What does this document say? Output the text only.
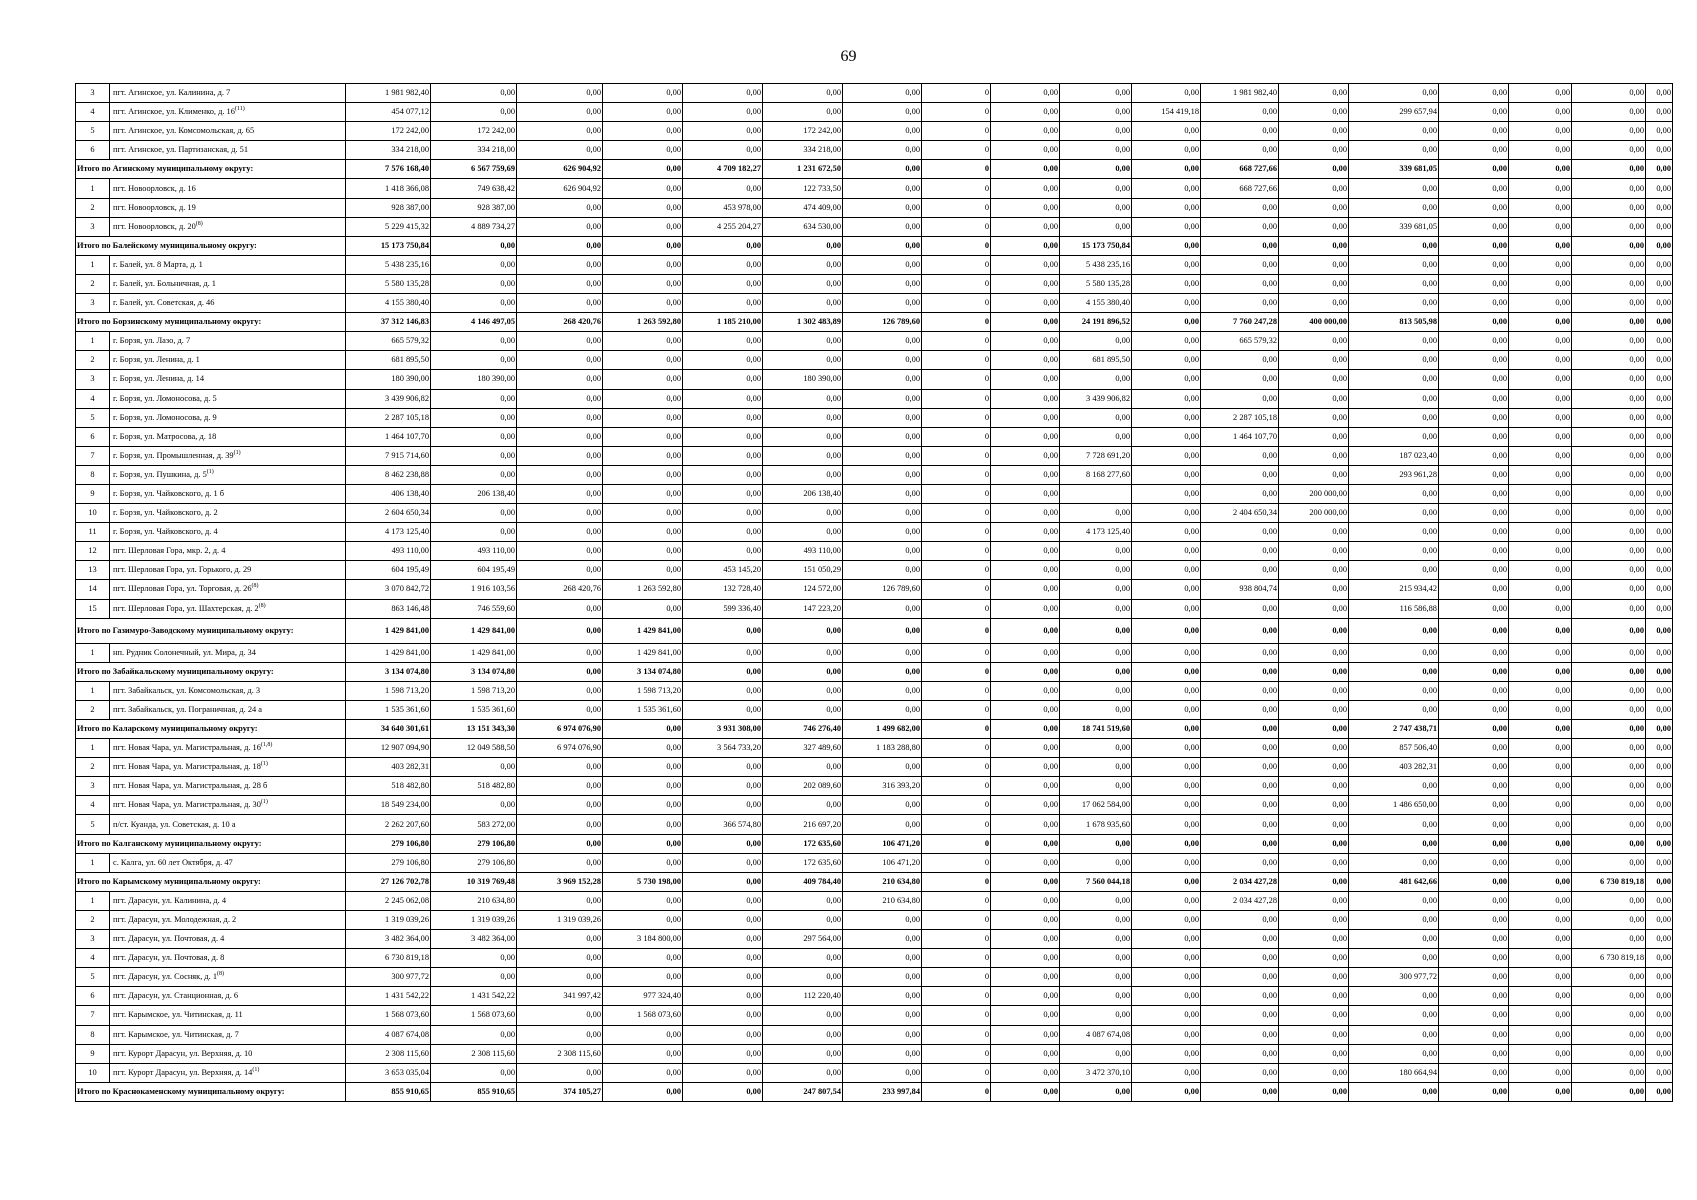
69
3	пгт. Агинское, ул. Калинина, д. 7	1 981 982,40	0,00	0,00	0,00	0,00	0,00	0,00	0	0,00	0,00	0,00	1 981 982,40	0,00	0,00	0,00	0,00	0,00	0,00
4	пгт. Агинское, ул. Клименко, д. 16$^{(11)}$	454 077,12	0,00	0,00	0,00	0,00	0,00	0,00	0	0,00	0,00	154 419,18	0,00	0,00	299 657,94	0,00	0,00	0,00	0,00
5	пгт. Агинское, ул. Комсомольская, д. 65	172 242,00	172 242,00	0,00	0,00	0,00	172 242,00	0,00	0	0,00	0,00	0,00	0,00	0,00	0,00	0,00	0,00	0,00	0,00
6	пгт. Агинское, ул. Партизанская, д. 51	334 218,00	334 218,00	0,00	0,00	0,00	334 218,00	0,00	0	0,00	0,00	0,00	0,00	0,00	0,00	0,00	0,00	0,00	0,00
Итого по Агинскому муниципальному округу:		7 576 168,40	6 567 759,69	626 904,92	0,00	4 709 182,27	1 231 672,50	0,00	0	0,00	0,00	0,00	668 727,66	0,00	339 681,05	0,00	0,00	0,00	0,00
1	пгт. Новоорловск, д. 16	1 418 366,08	749 638,42	626 904,92	0,00	0,00	122 733,50	0,00	0	0,00	0,00	0,00	668 727,66	0,00	0,00	0,00	0,00	0,00	0,00
2	пгт. Новоорловск, д. 19	928 387,00	928 387,00	0,00	0,00	453 978,00	474 409,00	0,00	0	0,00	0,00	0,00	0,00	0,00	0,00	0,00	0,00	0,00	0,00
3	пгт. Новоорловск, д. 20$^{(8)}$	5 229 415,32	4 889 734,27	0,00	0,00	4 255 204,27	634 530,00	0,00	0	0,00	0,00	0,00	0,00	0,00	339 681,05	0,00	0,00	0,00	0,00
Итого по Балейскому муниципальному округу:		15 173 750,84	0,00	0,00	0,00	0,00	0,00	0,00	0	0,00	15 173 750,84	0,00	0,00	0,00	0,00	0,00	0,00	0,00	0,00
1	г. Балей, ул. 8 Марта, д. 1	5 438 235,16	0,00	0,00	0,00	0,00	0,00	0,00	0	0,00	5 438 235,16	0,00	0,00	0,00	0,00	0,00	0,00	0,00	0,00
2	г. Балей, ул. Больничная, д. 1	5 580 135,28	0,00	0,00	0,00	0,00	0,00	0,00	0	0,00	5 580 135,28	0,00	0,00	0,00	0,00	0,00	0,00	0,00	0,00
3	г. Балей, ул. Советская, д. 46	4 155 380,40	0,00	0,00	0,00	0,00	0,00	0,00	0	0,00	4 155 380,40	0,00	0,00	0,00	0,00	0,00	0,00	0,00	0,00
Итого по Борзинскому муниципальному округу:		37 312 146,83	4 146 497,05	268 420,76	1 263 592,80	1 185 210,00	1 302 483,89	126 789,60	0	0,00	24 191 896,52	0,00	7 760 247,28	400 000,00	813 505,98	0,00	0,00	0,00	0,00
1	г. Борзя, ул. Лазо, д. 7	665 579,32	0,00	0,00	0,00	0,00	0,00	0,00	0	0,00	0,00	0,00	665 579,32	0,00	0,00	0,00	0,00	0,00	0,00
2	г. Борзя, ул. Ленина, д. 1	681 895,50	0,00	0,00	0,00	0,00	0,00	0,00	0	0,00	681 895,50	0,00	0,00	0,00	0,00	0,00	0,00	0,00	0,00
3	г. Борзя, ул. Ленина, д. 14	180 390,00	180 390,00	0,00	0,00	0,00	180 390,00	0,00	0	0,00	0,00	0,00	0,00	0,00	0,00	0,00	0,00	0,00	0,00
4	г. Борзя, ул. Ломоносова, д. 5	3 439 906,82	0,00	0,00	0,00	0,00	0,00	0,00	0	0,00	3 439 906,82	0,00	0,00	0,00	0,00	0,00	0,00	0,00	0,00
5	г. Борзя, ул. Ломоносова, д. 9	2 287 105,18	0,00	0,00	0,00	0,00	0,00	0,00	0	0,00	0,00	0,00	2 287 105,18	0,00	0,00	0,00	0,00	0,00	0,00
6	г. Борзя, ул. Матросова, д. 18	1 464 107,70	0,00	0,00	0,00	0,00	0,00	0,00	0	0,00	0,00	0,00	1 464 107,70	0,00	0,00	0,00	0,00	0,00	0,00
7	г. Борзя, ул. Промышленная, д. 39$^{(1)}$	7 915 714,60	0,00	0,00	0,00	0,00	0,00	0,00	0	0,00	7 728 691,20	0,00	0,00	0,00	187 023,40	0,00	0,00	0,00	0,00
8	г. Борзя, ул. Пушкина, д. 5$^{(1)}$	8 462 238,88	0,00	0,00	0,00	0,00	0,00	0,00	0	0,00	8 168 277,60	0,00	0,00	0,00	293 961,28	0,00	0,00	0,00	0,00
9	г. Борзя, ул. Чайковского, д. 1 б	406 138,40	206 138,40	0,00	0,00	0,00	206 138,40	0,00	0	0,00		0,00	0,00	200 000,00	0,00	0,00	0,00	0,00	0,00
10	г. Борзя, ул. Чайковского, д. 2	2 604 650,34	0,00	0,00	0,00	0,00	0,00	0,00	0	0,00	0,00	0,00	2 404 650,34	200 000,00	0,00	0,00	0,00	0,00	0,00
11	г. Борзя, ул. Чайковского, д. 4	4 173 125,40	0,00	0,00	0,00	0,00	0,00	0,00	0	0,00	4 173 125,40	0,00	0,00	0,00	0,00	0,00	0,00	0,00	0,00
12	пгт. Шерловая Гора, мкр. 2, д. 4	493 110,00	493 110,00	0,00	0,00	0,00	493 110,00	0,00	0	0,00	0,00	0,00	0,00	0,00	0,00	0,00	0,00	0,00	0,00
13	пгт. Шерловая Гора, ул. Горького, д. 29	604 195,49	604 195,49	0,00	0,00	453 145,20	151 050,29	0,00	0	0,00	0,00	0,00	0,00	0,00	0,00	0,00	0,00	0,00	0,00
14	пгт. Шерловая Гора, ул. Торговая, д. 26$^{(8)}$	3 070 842,72	1 916 103,56	268 420,76	1 263 592,80	132 728,40	124 572,00	126 789,60	0	0,00	0,00	0,00	938 804,74	0,00	215 934,42	0,00	0,00	0,00	0,00
15	пгт. Шерловая Гора, ул. Шахтерская, д. 2$^{(8)}$	863 146,48	746 559,60	0,00	0,00	599 336,40	147 223,20	0,00	0	0,00	0,00	0,00	0,00	0,00	116 586,88	0,00	0,00	0,00	0,00
Итого по Газимуро-Заводскому муниципальному округу:		1 429 841,00	1 429 841,00	0,00	1 429 841,00	0,00	0,00	0,00	0	0,00	0,00	0,00	0,00	0,00	0,00	0,00	0,00	0,00	0,00
1	нп. Рудник Солонечный, ул. Мира, д. 34	1 429 841,00	1 429 841,00	0,00	1 429 841,00	0,00	0,00	0,00	0	0,00	0,00	0,00	0,00	0,00	0,00	0,00	0,00	0,00	0,00
Итого по Забайкальскому муниципальному округу:		3 134 074,80	3 134 074,80	0,00	3 134 074,80	0,00	0,00	0,00	0	0,00	0,00	0,00	0,00	0,00	0,00	0,00	0,00	0,00	0,00
1	пгт. Забайкальск, ул. Комсомольская, д. 3	1 598 713,20	1 598 713,20	0,00	1 598 713,20	0,00	0,00	0,00	0	0,00	0,00	0,00	0,00	0,00	0,00	0,00	0,00	0,00	0,00
2	пгт. Забайкальск, ул. Пограничная, д. 24 а	1 535 361,60	1 535 361,60	0,00	1 535 361,60	0,00	0,00	0,00	0	0,00	0,00	0,00	0,00	0,00	0,00	0,00	0,00	0,00	0,00
Итого по Каларскому муниципальному округу:		34 640 301,61	13 151 343,30	6 974 076,90	0,00	3 931 308,00	746 276,40	1 499 682,00	0	0,00	18 741 519,60	0,00	0,00	0,00	2 747 438,71	0,00	0,00	0,00	0,00
1	пгт. Новая Чара, ул. Магистральная, д. 16$^{(1,8)}$	12 907 094,90	12 049 588,50	6 974 076,90	0,00	3 564 733,20	327 489,60	1 183 288,80	0	0,00	0,00	0,00	0,00	0,00	857 506,40	0,00	0,00	0,00	0,00
2	пгт. Новая Чара, ул. Магистральная, д. 18$^{(1)}$	403 282,31	0,00	0,00	0,00	0,00	0,00	0,00	0	0,00	0,00	0,00	0,00	0,00	403 282,31	0,00	0,00	0,00	0,00
3	пгт. Новая Чара, ул. Магистральная, д. 28 б	518 482,80	518 482,80	0,00	0,00	0,00	202 089,60	316 393,20	0	0,00	0,00	0,00	0,00	0,00	0,00	0,00	0,00	0,00	0,00
4	пгт. Новая Чара, ул. Магистральная, д. 30$^{(1)}$	18 549 234,00	0,00	0,00	0,00	0,00	0,00	0,00	0	0,00	17 062 584,00	0,00	0,00	0,00	1 486 650,00	0,00	0,00	0,00	0,00
5	п/ст. Куанда, ул. Советская, д. 10 а	2 262 207,60	583 272,00	0,00	0,00	366 574,80	216 697,20	0,00	0	0,00	1 678 935,60	0,00	0,00	0,00	0,00	0,00	0,00	0,00	0,00
Итого по Калганскому муниципальному округу:		279 106,80	279 106,80	0,00	0,00	0,00	172 635,60	106 471,20	0	0,00	0,00	0,00	0,00	0,00	0,00	0,00	0,00	0,00	0,00
1	с. Калга, ул. 60 лет Октября, д. 47	279 106,80	279 106,80	0,00	0,00	0,00	172 635,60	106 471,20	0	0,00	0,00	0,00	0,00	0,00	0,00	0,00	0,00	0,00	0,00
Итого по Карымскому муниципальному округу:		27 126 702,78	10 319 769,48	3 969 152,28	5 730 198,00	0,00	409 784,40	210 634,80	0	0,00	7 560 044,18	0,00	2 034 427,28	0,00	481 642,66	0,00	0,00	6 730 819,18	0,00
1	пгт. Дарасун, ул. Калинина, д. 4	2 245 062,08	210 634,80	0,00	0,00	0,00	0,00	210 634,80	0	0,00	0,00	0,00	2 034 427,28	0,00	0,00	0,00	0,00	0,00	0,00
2	пгт. Дарасун, ул. Молодежная, д. 2	1 319 039,26	1 319 039,26	1 319 039,26	0,00	0,00	0,00	0,00	0	0,00	0,00	0,00	0,00	0,00	0,00	0,00	0,00	0,00	0,00
3	пгт. Дарасун, ул. Почтовая, д. 4	3 482 364,00	3 482 364,00	0,00	3 184 800,00	0,00	297 564,00	0,00	0	0,00	0,00	0,00	0,00	0,00	0,00	0,00	0,00	0,00	0,00
4	пгт. Дарасун, ул. Почтовая, д. 8	6 730 819,18	0,00	0,00	0,00	0,00	0,00	0,00	0	0,00	0,00	0,00	0,00	0,00	0,00	0,00	0,00	6 730 819,18	0,00
5	пгт. Дарасун, ул. Сосняк, д. 1$^{(8)}$	300 977,72	0,00	0,00	0,00	0,00	0,00	0,00	0	0,00	0,00	0,00	0,00	0,00	300 977,72	0,00	0,00	0,00	0,00
6	пгт. Дарасун, ул. Станционная, д. 6	1 431 542,22	1 431 542,22	341 997,42	977 324,40	0,00	112 220,40	0,00	0	0,00	0,00	0,00	0,00	0,00	0,00	0,00	0,00	0,00	0,00
7	пгт. Карымское, ул. Читинская, д. 11	1 568 073,60	1 568 073,60	0,00	1 568 073,60	0,00	0,00	0,00	0	0,00	0,00	0,00	0,00	0,00	0,00	0,00	0,00	0,00	0,00
8	пгт. Карымское, ул. Читинская, д. 7	4 087 674,08	0,00	0,00	0,00	0,00	0,00	0,00	0	0,00	4 087 674,08	0,00	0,00	0,00	0,00	0,00	0,00	0,00	0,00
9	пгт. Курорт Дарасун, ул. Верхняя, д. 10	2 308 115,60	2 308 115,60	2 308 115,60	0,00	0,00	0,00	0,00	0	0,00	0,00	0,00	0,00	0,00	0,00	0,00	0,00	0,00	0,00
10	пгт. Курорт Дарасун, ул. Верхняя, д. 14$^{(1)}$	3 653 035,04	0,00	0,00	0,00	0,00	0,00	0,00	0	0,00	3 472 370,10	0,00	0,00	0,00	180 664,94	0,00	0,00	0,00	0,00
Итого по Краснокаменскому муниципальному округу:		855 910,65	855 910,65	374 105,27	0,00	0,00	247 807,54	233 997,84	0	0,00	0,00	0,00	0,00	0,00	0,00	0,00	0,00	0,00	0,00
